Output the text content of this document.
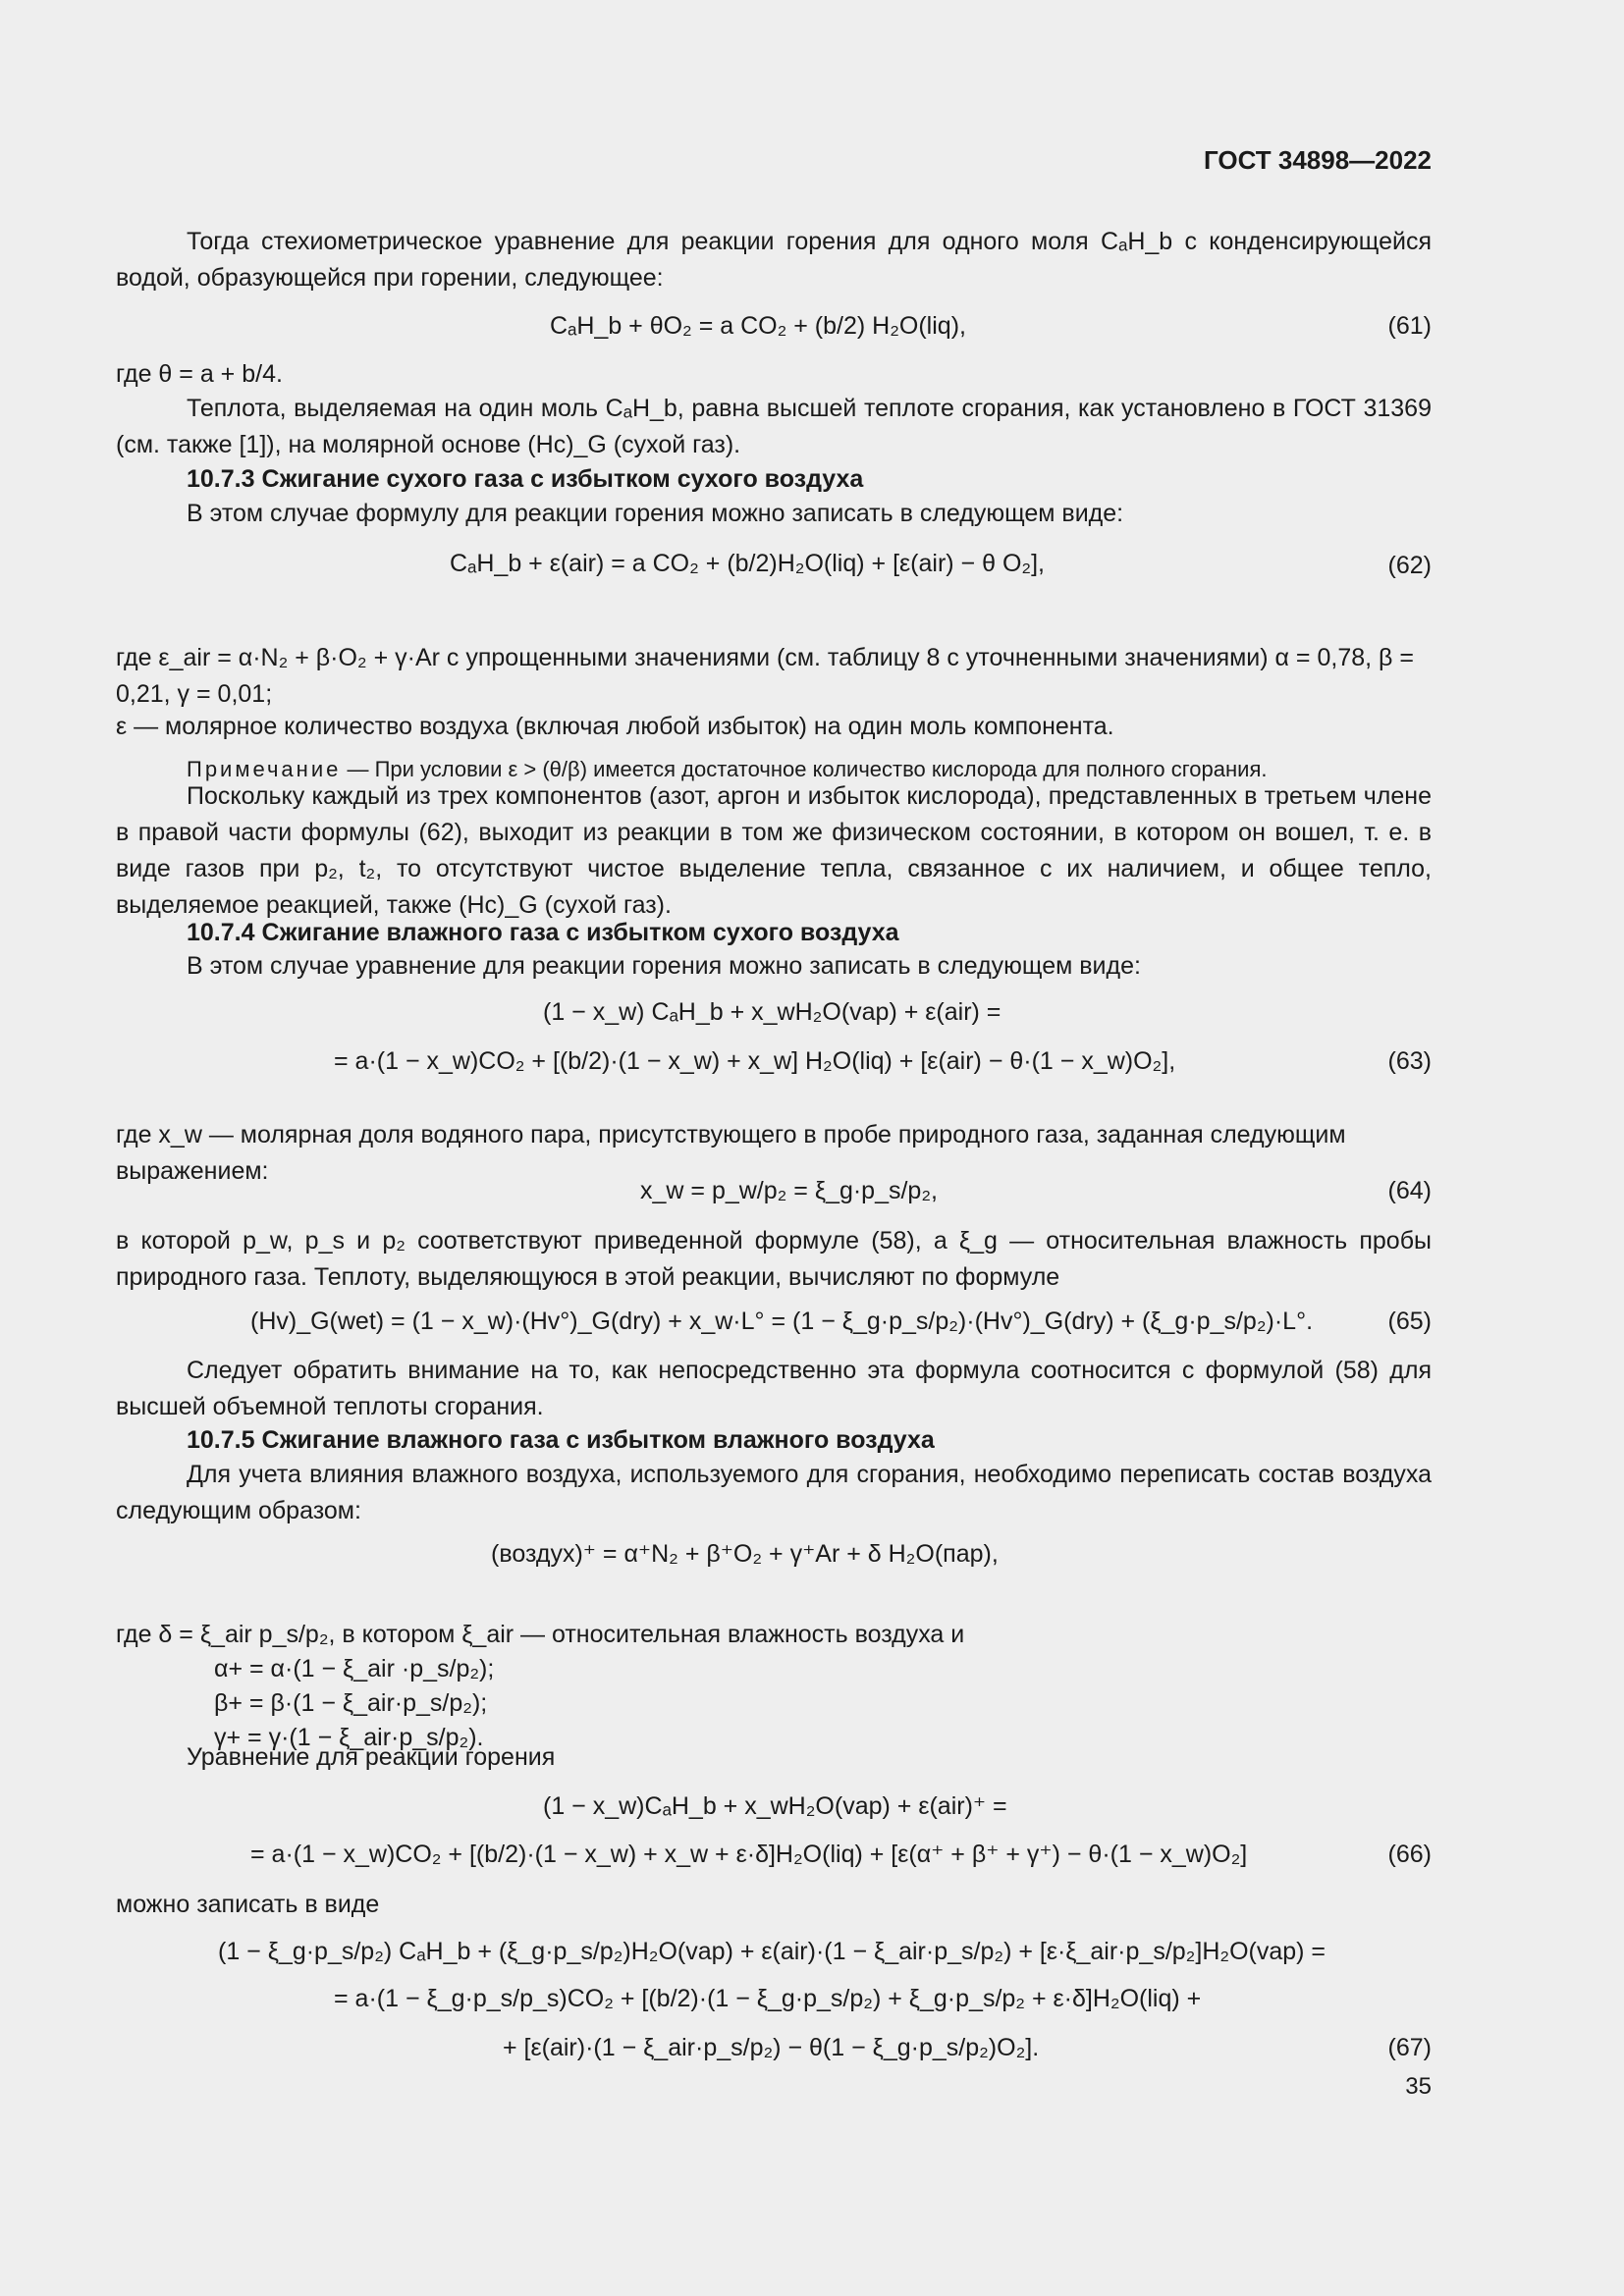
ГОСТ 34898—2022

Тогда стехиометрическое уравнение для реакции горения для одного моля CₐH_b с конденсирующейся водой, образующейся при горении, следующее:

CₐH_b + θO₂ = a CO₂ + (b/2) H₂O(liq),	(61)

где θ = a + b/4.

Теплота, выделяемая на один моль CₐH_b, равна высшей теплоте сгорания, как установлено в ГОСТ 31369 (см. также [1]), на молярной основе (Hc)_G (сухой газ).

10.7.3 Сжигание сухого газа с избытком сухого воздуха

В этом случае формулу для реакции горения можно записать в следующем виде:

CₐH_b + ε(air) = a CO₂ + (b/2)H₂O(liq) + [ε(air) − θ O₂],	(62)

где ε_air = α·N₂ + β·O₂ + γ·Ar с упрощенными значениями (см. таблицу 8 с уточненными значениями) α = 0,78, β = 0,21, γ = 0,01;

ε — молярное количество воздуха (включая любой избыток) на один моль компонента.

Примечание — При условии ε > (θ/β) имеется достаточное количество кислорода для полного сгорания.

Поскольку каждый из трех компонентов (азот, аргон и избыток кислорода), представленных в третьем члене в правой части формулы (62), выходит из реакции в том же физическом состоянии, в котором он вошел, т. е. в виде газов при p₂, t₂, то отсутствуют чистое выделение тепла, связанное с их наличием, и общее тепло, выделяемое реакцией, также (Hc)_G (сухой газ).

10.7.4 Сжигание влажного газа с избытком сухого воздуха

В этом случае уравнение для реакции горения можно записать в следующем виде:

(1 − x_w) CₐH_b + x_wH₂O(vap) + ε(air) =
= a·(1 − x_w)CO₂ + [(b/2)·(1 − x_w) + x_w] H₂O(liq) + [ε(air) − θ·(1 − x_w)O₂],	(63)

где x_w — молярная доля водяного пара, присутствующего в пробе природного газа, заданная следующим выражением:

x_w = p_w/p₂ = ξ_g·p_s/p₂,	(64)

в которой p_w, p_s и p₂ соответствуют приведенной формуле (58), а ξ_g — относительная влажность пробы природного газа. Теплоту, выделяющуюся в этой реакции, вычисляют по формуле

(Hv)_G(wet) = (1 − x_w)·(Hv°)_G(dry) + x_w·L° = (1 − ξ_g·p_s/p₂)·(Hv°)_G(dry) + (ξ_g·p_s/p₂)·L°.	(65)

Следует обратить внимание на то, как непосредственно эта формула соотносится с формулой (58) для высшей объемной теплоты сгорания.

10.7.5 Сжигание влажного газа с избытком влажного воздуха

Для учета влияния влажного воздуха, используемого для сгорания, необходимо переписать состав воздуха следующим образом:

(воздух)⁺ = α⁺N₂ + β⁺O₂ + γ⁺Ar + δ H₂O(пар),

где δ = ξ_air p_s/p₂, в котором ξ_air — относительная влажность воздуха и

α+ = α·(1 − ξ_air ·p_s/p₂);

β+ = β·(1 − ξ_air·p_s/p₂);

γ+ = γ·(1 − ξ_air·p_s/p₂).

Уравнение для реакции горения

(1 − x_w)CₐH_b + x_wH₂O(vap) + ε(air)⁺ =
= a·(1 − x_w)CO₂ + [(b/2)·(1 − x_w) + x_w + ε·δ]H₂O(liq) + [ε(α⁺ + β⁺ + γ⁺) − θ·(1 − x_w)O₂]	(66)

можно записать в виде

(1 − ξ_g·p_s/p₂) CₐH_b + (ξ_g·p_s/p₂)H₂O(vap) + ε(air)·(1 − ξ_air·p_s/p₂) + [ε·ξ_air·p_s/p₂]H₂O(vap) =
= a·(1 − ξ_g·p_s/p_s)CO₂ + [(b/2)·(1 − ξ_g·p_s/p₂) + ξ_g·p_s/p₂ + ε·δ]H₂O(liq) +
+ [ε(air)·(1 − ξ_air·p_s/p₂) − θ(1 − ξ_g·p_s/p₂)O₂].	(67)
35
